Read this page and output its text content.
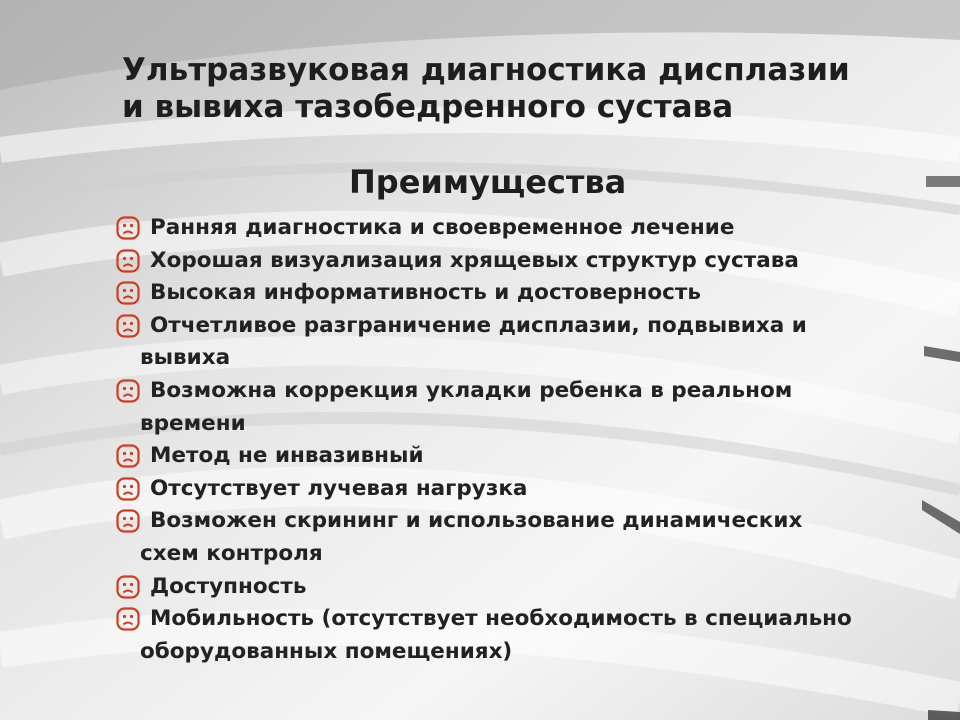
Ультразвуковая диагностика дисплазии
и вывиха тазобедренного сустава
Преимущества
Ранняя диагностика и своевременное лечение
Хорошая визуализация хрящевых структур сустава
Высокая информативность и достоверность
Отчетливое разграничение дисплазии, подвывиха и
вывиха
Возможна коррекция укладки ребенка в реальном
времени
Метод не инвазивный
Отсутствует лучевая нагрузка
Возможен скрининг и использование динамических
схем контроля
Доступность
Мобильность (отсутствует необходимость в специально
оборудованных помещениях)
